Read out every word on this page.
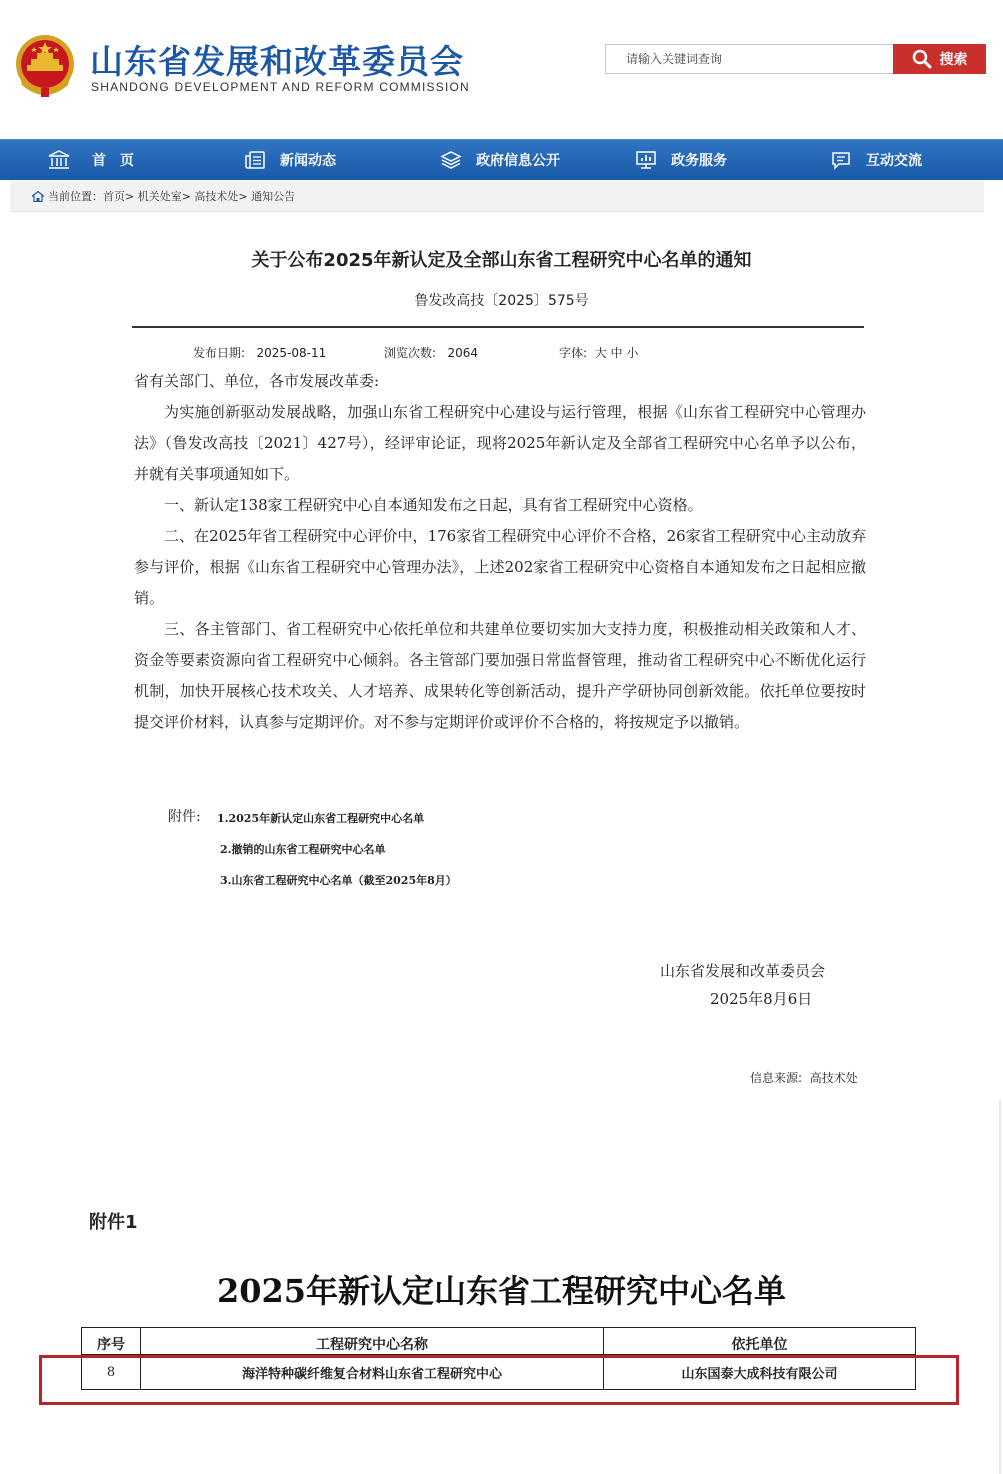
山东省发展和改革委员会
SHANDONG DEVELOPMENT AND REFORM COMMISSION
请输入关键词查询
搜索
首　页	新闻动态	政府信息公开	政务服务	互动交流
当前位置： 首页> 机关处室> 高技术处> 通知公告
关于公布2025年新认定及全部山东省工程研究中心名单的通知
鲁发改高技〔2025〕575号
发布日期: 2025-08-11	浏览次数: 2064	字体: 大 中 小

省有关部门、单位，各市发展改革委:

为实施创新驱动发展战略，加强山东省工程研究中心建设与运行管理，根据《山东省工程研究中心管理办法》（鲁发改高技〔2021〕427号），经评审论证，现将2025年新认定及全部省工程研究中心名单予以公布，并就有关事项通知如下。

一、新认定138家工程研究中心自本通知发布之日起，具有省工程研究中心资格。

二、在2025年省工程研究中心评价中，176家省工程研究中心评价不合格，26家省工程研究中心主动放弃参与评价，根据《山东省工程研究中心管理办法》，上述202家省工程研究中心资格自本通知发布之日起相应撤销。

三、各主管部门、省工程研究中心依托单位和共建单位要切实加大支持力度，积极推动相关政策和人才、资金等要素资源向省工程研究中心倾斜。各主管部门要加强日常监督管理，推动省工程研究中心不断优化运行机制，加快开展核心技术攻关、人才培养、成果转化等创新活动，提升产学研协同创新效能。依托单位要按时提交评价材料，认真参与定期评价。对不参与定期评价或评价不合格的，将按规定予以撤销。

附件: 1.2025年新认定山东省工程研究中心名单
2.撤销的山东省工程研究中心名单
3.山东省工程研究中心名单（截至2025年8月）
山东省发展和改革委员会
2025年8月6日
信息来源: 高技术处
附件1
2025年新认定山东省工程研究中心名单
序号	工程研究中心名称	依托单位
8	海洋特种碳纤维复合材料山东省工程研究中心	山东国泰大成科技有限公司
